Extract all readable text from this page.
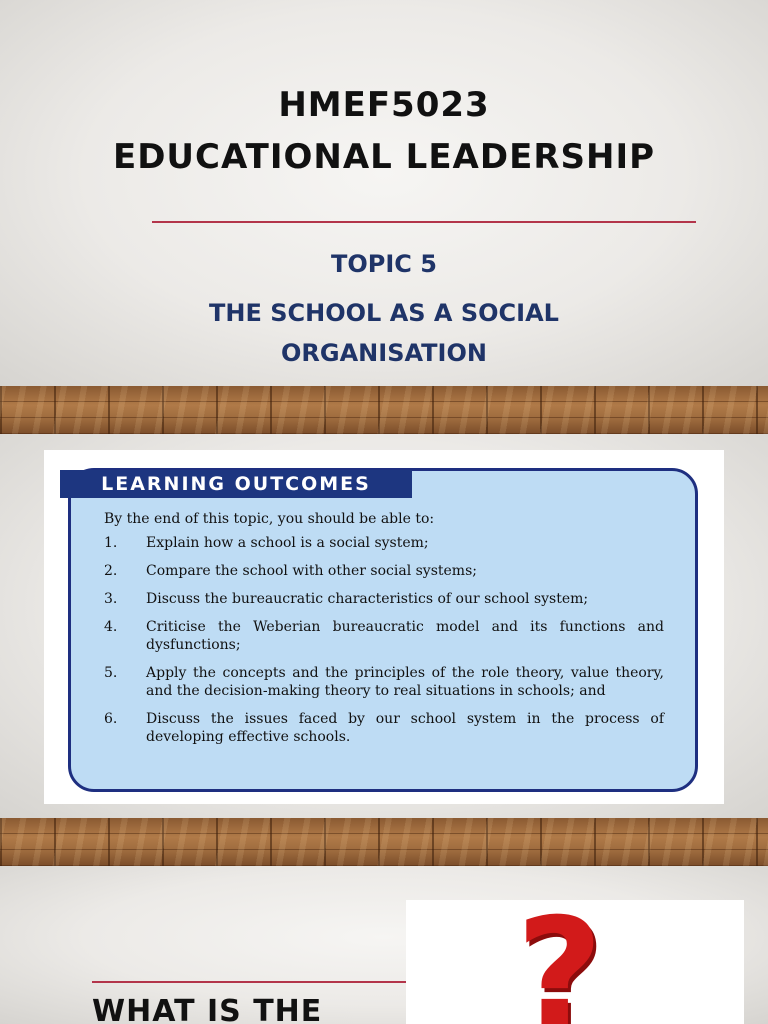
HMEF5023
EDUCATIONAL LEADERSHIP
TOPIC 5
THE SCHOOL AS A SOCIAL
ORGANISATION
LEARNING OUTCOMES

By the end of this topic, you should be able to:

1.	Explain how a school is a social system;
2.	Compare the school with other social systems;
3.	Discuss the bureaucratic characteristics of our school system;
4.	Criticise the Weberian bureaucratic model and its functions and dysfunctions;
5.	Apply the concepts and the principles of the role theory, value theory, and the decision-making theory to real situations in schools; and
6.	Discuss the issues faced by our school system in the process of developing effective schools.
?
WHAT IS THE
